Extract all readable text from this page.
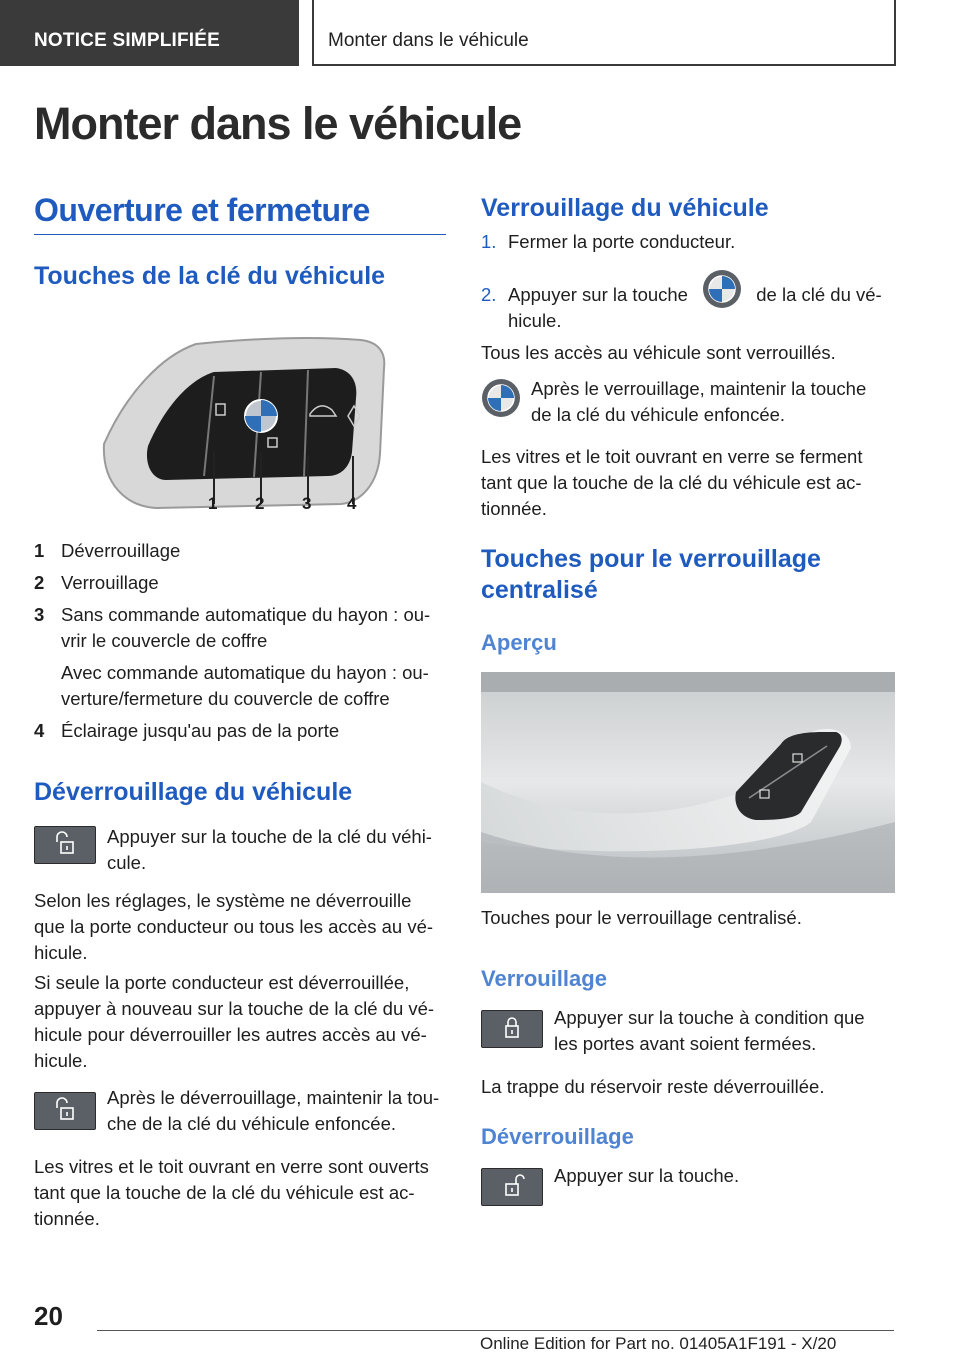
NOTICE SIMPLIFIÉE	Monter dans le véhicule
Monter dans le véhicule
Ouverture et fermeture
Touches de la clé du véhicule
1 2 3 4
1 Déverrouillage
2 Verrouillage
3 Sans commande automatique du hayon : ou-
vrir le couvercle de coffre
Avec commande automatique du hayon : ou-
verture/fermeture du couvercle de coffre
4 Éclairage jusqu'au pas de la porte
Déverrouillage du véhicule
Appuyer sur la touche de la clé du véhi-
cule.
Selon les réglages, le système ne déverrouille
que la porte conducteur ou tous les accès au vé-
hicule.
Si seule la porte conducteur est déverrouillée,
appuyer à nouveau sur la touche de la clé du vé-
hicule pour déverrouiller les autres accès au vé-
hicule.
Après le déverrouillage, maintenir la tou-
che de la clé du véhicule enfoncée.
Les vitres et le toit ouvrant en verre sont ouverts
tant que la touche de la clé du véhicule est ac-
tionnée.
Verrouillage du véhicule
1. Fermer la porte conducteur.
2. Appuyer sur la touche	de la clé du vé-
hicule.
Tous les accès au véhicule sont verrouillés.
Après le verrouillage, maintenir la touche
de la clé du véhicule enfoncée.
Les vitres et le toit ouvrant en verre se ferment
tant que la touche de la clé du véhicule est ac-
tionnée.
Touches pour le verrouillage
centralisé
Aperçu
Touches pour le verrouillage centralisé.
Verrouillage
Appuyer sur la touche à condition que
les portes avant soient fermées.
La trappe du réservoir reste déverrouillée.
Déverrouillage
Appuyer sur la touche.
20
Online Edition for Part no. 01405A1F191 - X/20
